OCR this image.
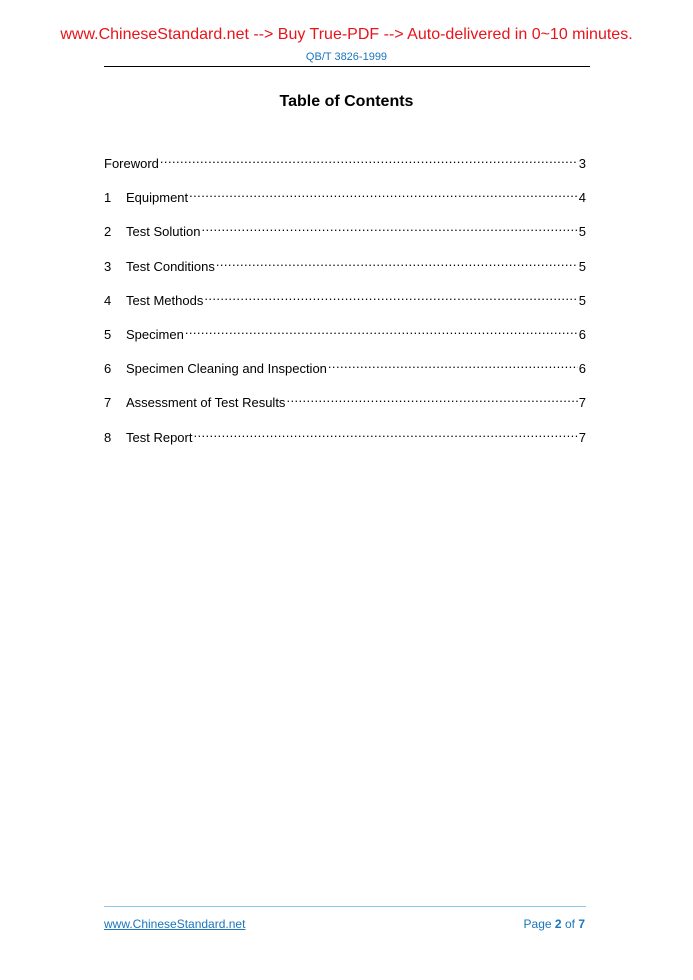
www.ChineseStandard.net --> Buy True-PDF --> Auto-delivered in 0~10 minutes.
QB/T 3826-1999
Table of Contents
Foreword .....	3
1	Equipment .....	4
2	Test Solution .....	5
3	Test Conditions .....	5
4	Test Methods .....	5
5	Specimen .....	6
6	Specimen Cleaning and Inspection .....	6
7	Assessment of Test Results .....	7
8	Test Report .....	7
www.ChineseStandard.net	Page 2 of 7
